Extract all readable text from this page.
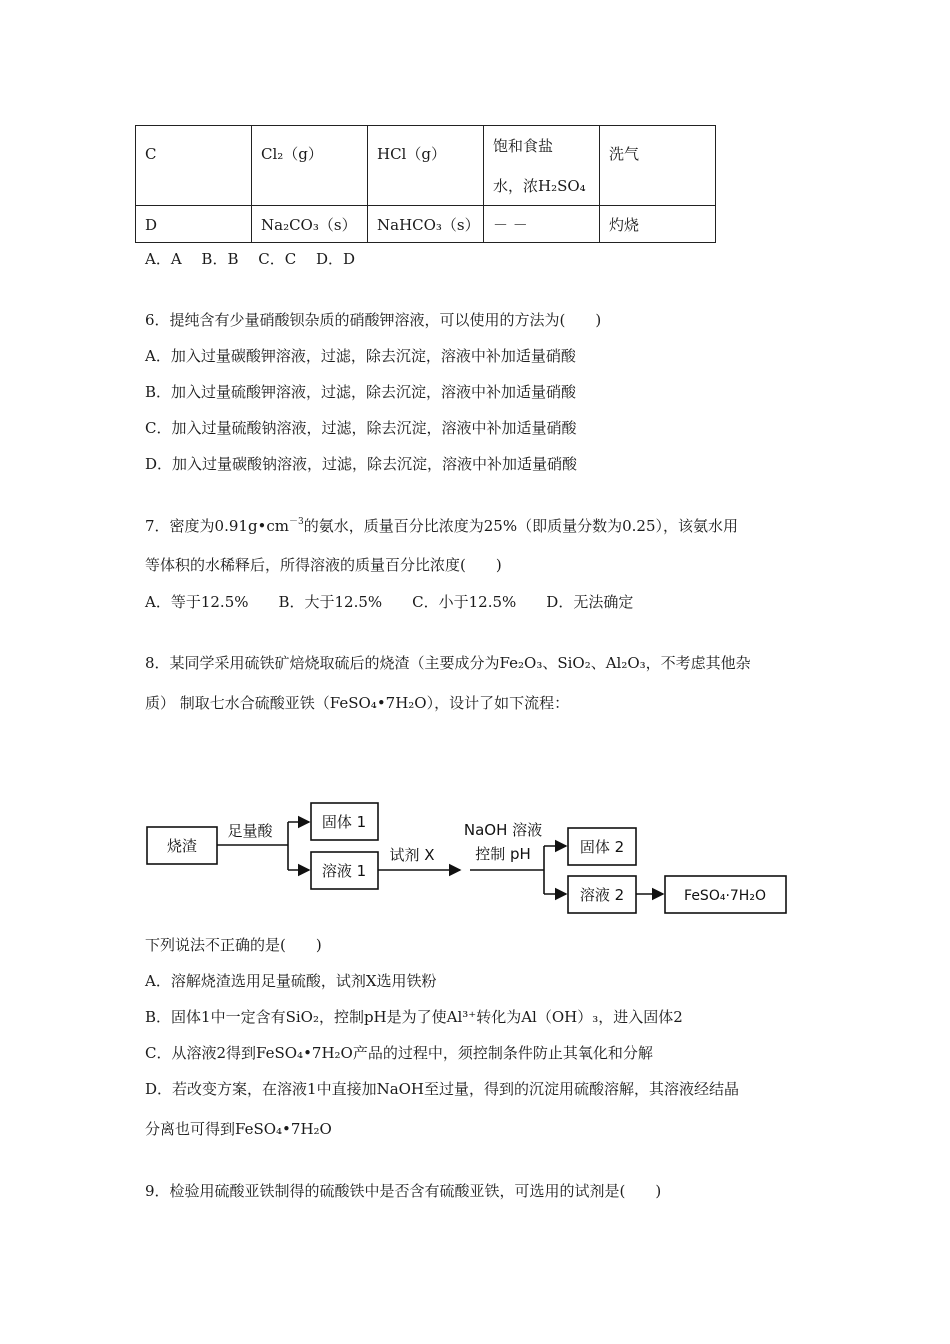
C	Cl₂（g）	HCl（g）	饱和食盐
水，浓H₂SO₄	洗气
D	Na₂CO₃（s）	NaHCO₃（s）	－ －	灼烧
A．A　 B．B　 C．C　 D．D
6．提纯含有少量硝酸钡杂质的硝酸钾溶液，可以使用的方法为(　　)
A．加入过量碳酸钾溶液，过滤，除去沉淀，溶液中补加适量硝酸
B．加入过量硫酸钾溶液，过滤，除去沉淀，溶液中补加适量硝酸
C．加入过量硫酸钠溶液，过滤，除去沉淀，溶液中补加适量硝酸
D．加入过量碳酸钠溶液，过滤，除去沉淀，溶液中补加适量硝酸
7．密度为$0.91g•cm^{-3}$的氨水，质量百分比浓度为25%（即质量分数为0.25），该氨水用
等体积的水稀释后，所得溶液的质量百分比浓度(　　)
A．等于12.5%　　B．大于12.5%　　C．小于12.5%　　D．无法确定
8．某同学采用硫铁矿焙烧取硫后的烧渣（主要成分为Fe₂O₃、SiO₂、Al₂O₃，不考虑其他杂
质） 制取七水合硫酸亚铁（FeSO₄•7H₂O），设计了如下流程：
烧渣
足量酸	固体 1
溶液 1
试剂 X
NaOH 溶液
控制 pH	固体 2
溶液 2	FeSO₄·7H₂O
下列说法不正确的是(　　)
A．溶解烧渣选用足量硫酸，试剂X选用铁粉
B．固体1中一定含有SiO₂，控制pH是为了使Al³⁺转化为Al（OH）₃，进入固体2
C．从溶液2得到FeSO₄•7H₂O产品的过程中，须控制条件防止其氧化和分解
D．若改变方案，在溶液1中直接加NaOH至过量，得到的沉淀用硫酸溶解，其溶液经结晶
分离也可得到FeSO₄•7H₂O
9．检验用硫酸亚铁制得的硫酸铁中是否含有硫酸亚铁，可选用的试剂是(　　)
